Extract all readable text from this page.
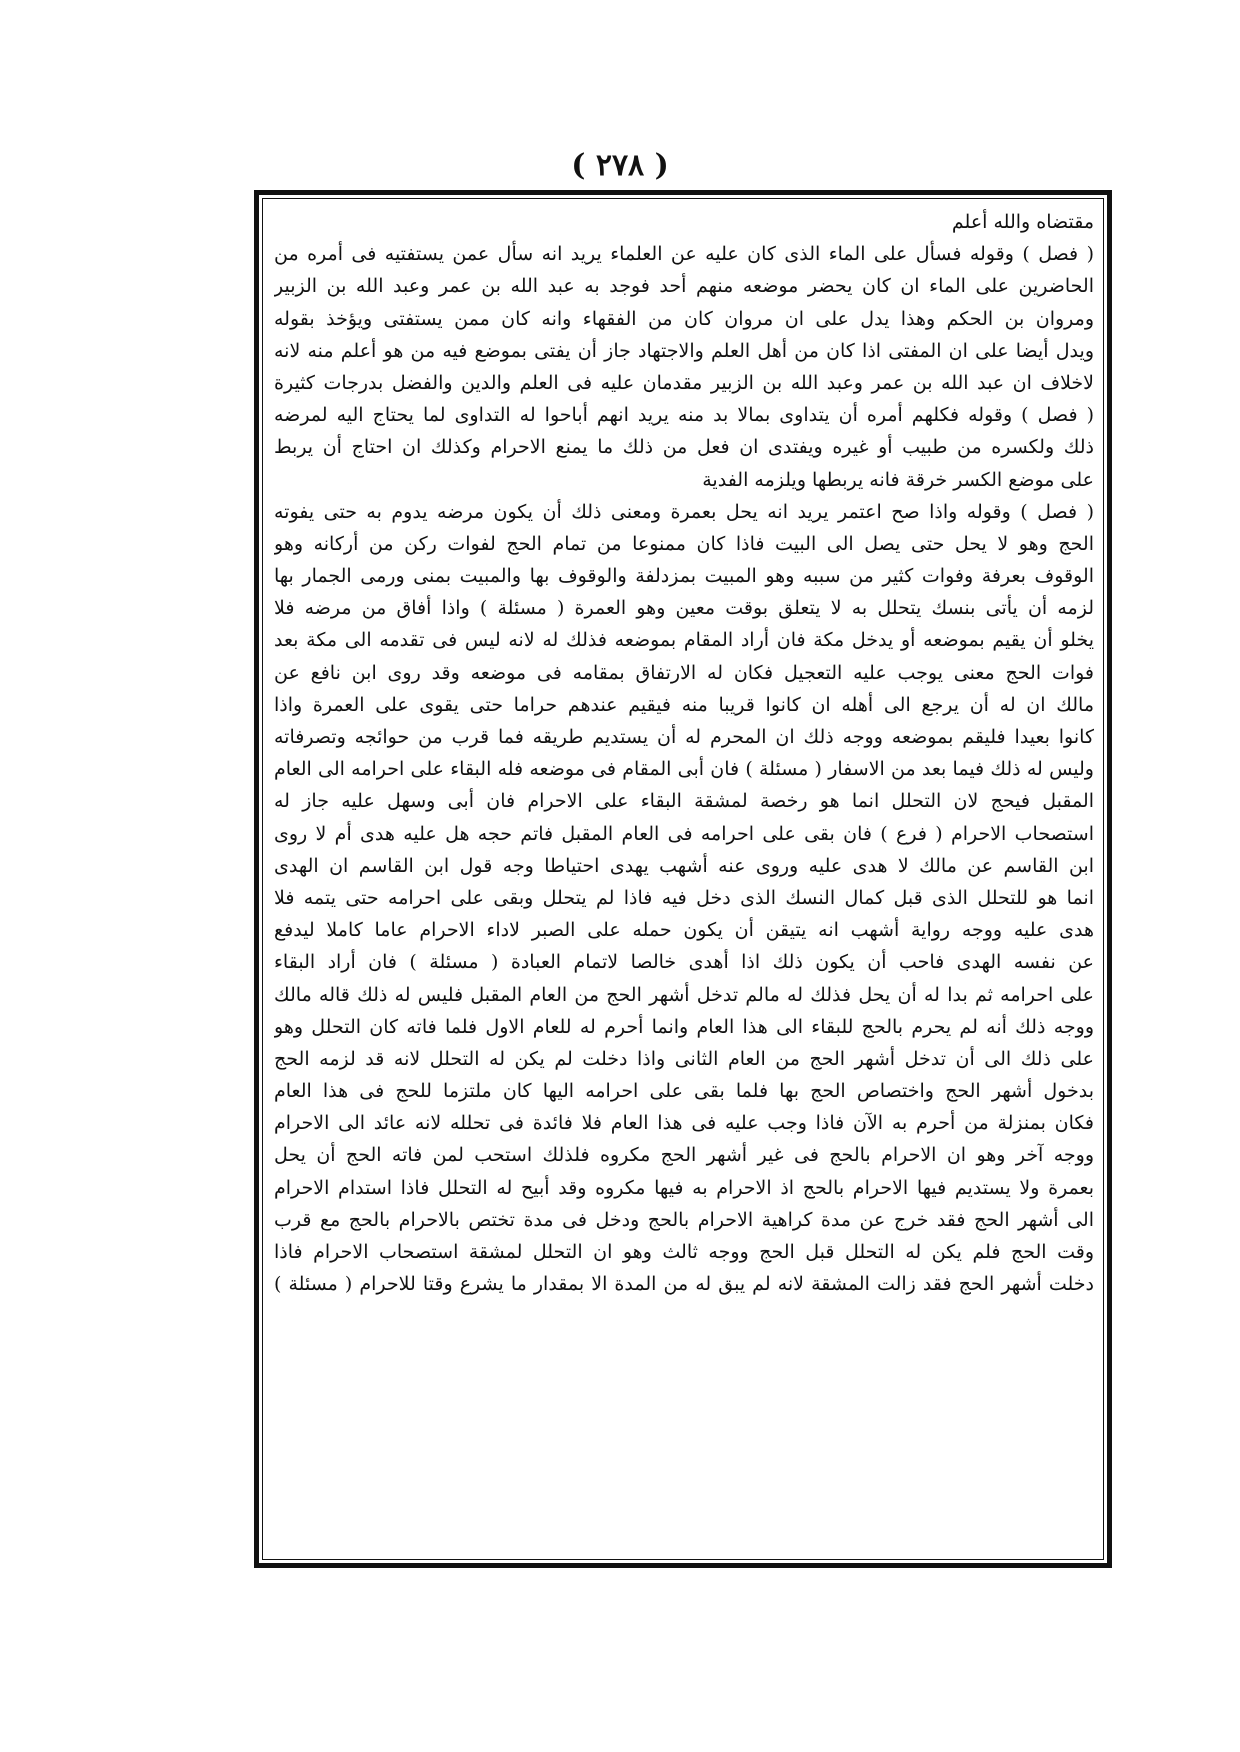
( ٢٧٨ )
مقتضاه والله أعلم
( فصل ) وقوله فسأل على الماء الذى كان عليه عن العلماء يريد انه سأل عمن يستفتيه فى أمره من
الحاضرين على الماء ان كان يحضر موضعه منهم أحد فوجد به عبد الله بن عمر وعبد الله بن الزبير
ومروان بن الحكم وهذا يدل على ان مروان كان من الفقهاء وانه كان ممن يستفتى ويؤخذ بقوله
ويدل أيضا على ان المفتى اذا كان من أهل العلم والاجتهاد جاز أن يفتى بموضع فيه من هو أعلم منه لانه
لاخلاف ان عبد الله بن عمر وعبد الله بن الزبير مقدمان عليه فى العلم والدين والفضل بدرجات كثيرة
( فصل ) وقوله فكلهم أمره أن يتداوى بمالا بد منه يريد انهم أباحوا له التداوى لما يحتاج اليه لمرضه
ذلك ولكسره من طبيب أو غيره ويفتدى ان فعل من ذلك ما يمنع الاحرام وكذلك ان احتاج أن يربط
على موضع الكسر خرقة فانه يربطها ويلزمه الفدية
( فصل ) وقوله واذا صح اعتمر يريد انه يحل بعمرة ومعنى ذلك أن يكون مرضه يدوم به حتى يفوته
الحج وهو لا يحل حتى يصل الى البيت فاذا كان ممنوعا من تمام الحج لفوات ركن من أركانه وهو
الوقوف بعرفة وفوات كثير من سببه وهو المبيت بمزدلفة والوقوف بها والمبيت بمنى ورمى الجمار بها
لزمه أن يأتى بنسك يتحلل به لا يتعلق بوقت معين وهو العمرة ( مسئلة ) واذا أفاق من مرضه فلا
يخلو أن يقيم بموضعه أو يدخل مكة فان أراد المقام بموضعه فذلك له لانه ليس فى تقدمه الى مكة بعد
فوات الحج معنى يوجب عليه التعجيل فكان له الارتفاق بمقامه فى موضعه وقد روى ابن نافع عن
مالك ان له أن يرجع الى أهله ان كانوا قريبا منه فيقيم عندهم حراما حتى يقوى على العمرة واذا
كانوا بعيدا فليقم بموضعه ووجه ذلك ان المحرم له أن يستديم طريقه فما قرب من حوائجه وتصرفاته
وليس له ذلك فيما بعد من الاسفار ( مسئلة ) فان أبى المقام فى موضعه فله البقاء على احرامه الى العام
المقبل فيحج لان التحلل انما هو رخصة لمشقة البقاء على الاحرام فان أبى وسهل عليه جاز له
استصحاب الاحرام ( فرع ) فان بقى على احرامه فى العام المقبل فاتم حجه هل عليه هدى أم لا روى
ابن القاسم عن مالك لا هدى عليه وروى عنه أشهب يهدى احتياطا وجه قول ابن القاسم ان الهدى
انما هو للتحلل الذى قبل كمال النسك الذى دخل فيه فاذا لم يتحلل وبقى على احرامه حتى يتمه فلا
هدى عليه ووجه رواية أشهب انه يتيقن أن يكون حمله على الصبر لاداء الاحرام عاما كاملا ليدفع
عن نفسه الهدى فاحب أن يكون ذلك اذا أهدى خالصا لاتمام العبادة ( مسئلة ) فان أراد البقاء
على احرامه ثم بدا له أن يحل فذلك له مالم تدخل أشهر الحج من العام المقبل فليس له ذلك قاله مالك
ووجه ذلك أنه لم يحرم بالحج للبقاء الى هذا العام وانما أحرم له للعام الاول فلما فاته كان التحلل وهو
على ذلك الى أن تدخل أشهر الحج من العام الثانى واذا دخلت لم يكن له التحلل لانه قد لزمه الحج
بدخول أشهر الحج واختصاص الحج بها فلما بقى على احرامه اليها كان ملتزما للحج فى هذا العام
فكان بمنزلة من أحرم به الآن فاذا وجب عليه فى هذا العام فلا فائدة فى تحلله لانه عائد الى الاحرام
ووجه آخر وهو ان الاحرام بالحج فى غير أشهر الحج مكروه فلذلك استحب لمن فاته الحج أن يحل
بعمرة ولا يستديم فيها الاحرام بالحج اذ الاحرام به فيها مكروه وقد أبيح له التحلل فاذا استدام الاحرام
الى أشهر الحج فقد خرج عن مدة كراهية الاحرام بالحج ودخل فى مدة تختص بالاحرام بالحج مع قرب
وقت الحج فلم يكن له التحلل قبل الحج ووجه ثالث وهو ان التحلل لمشقة استصحاب الاحرام فاذا
دخلت أشهر الحج فقد زالت المشقة لانه لم يبق له من المدة الا بمقدار ما يشرع وقتا للاحرام ( مسئلة )
